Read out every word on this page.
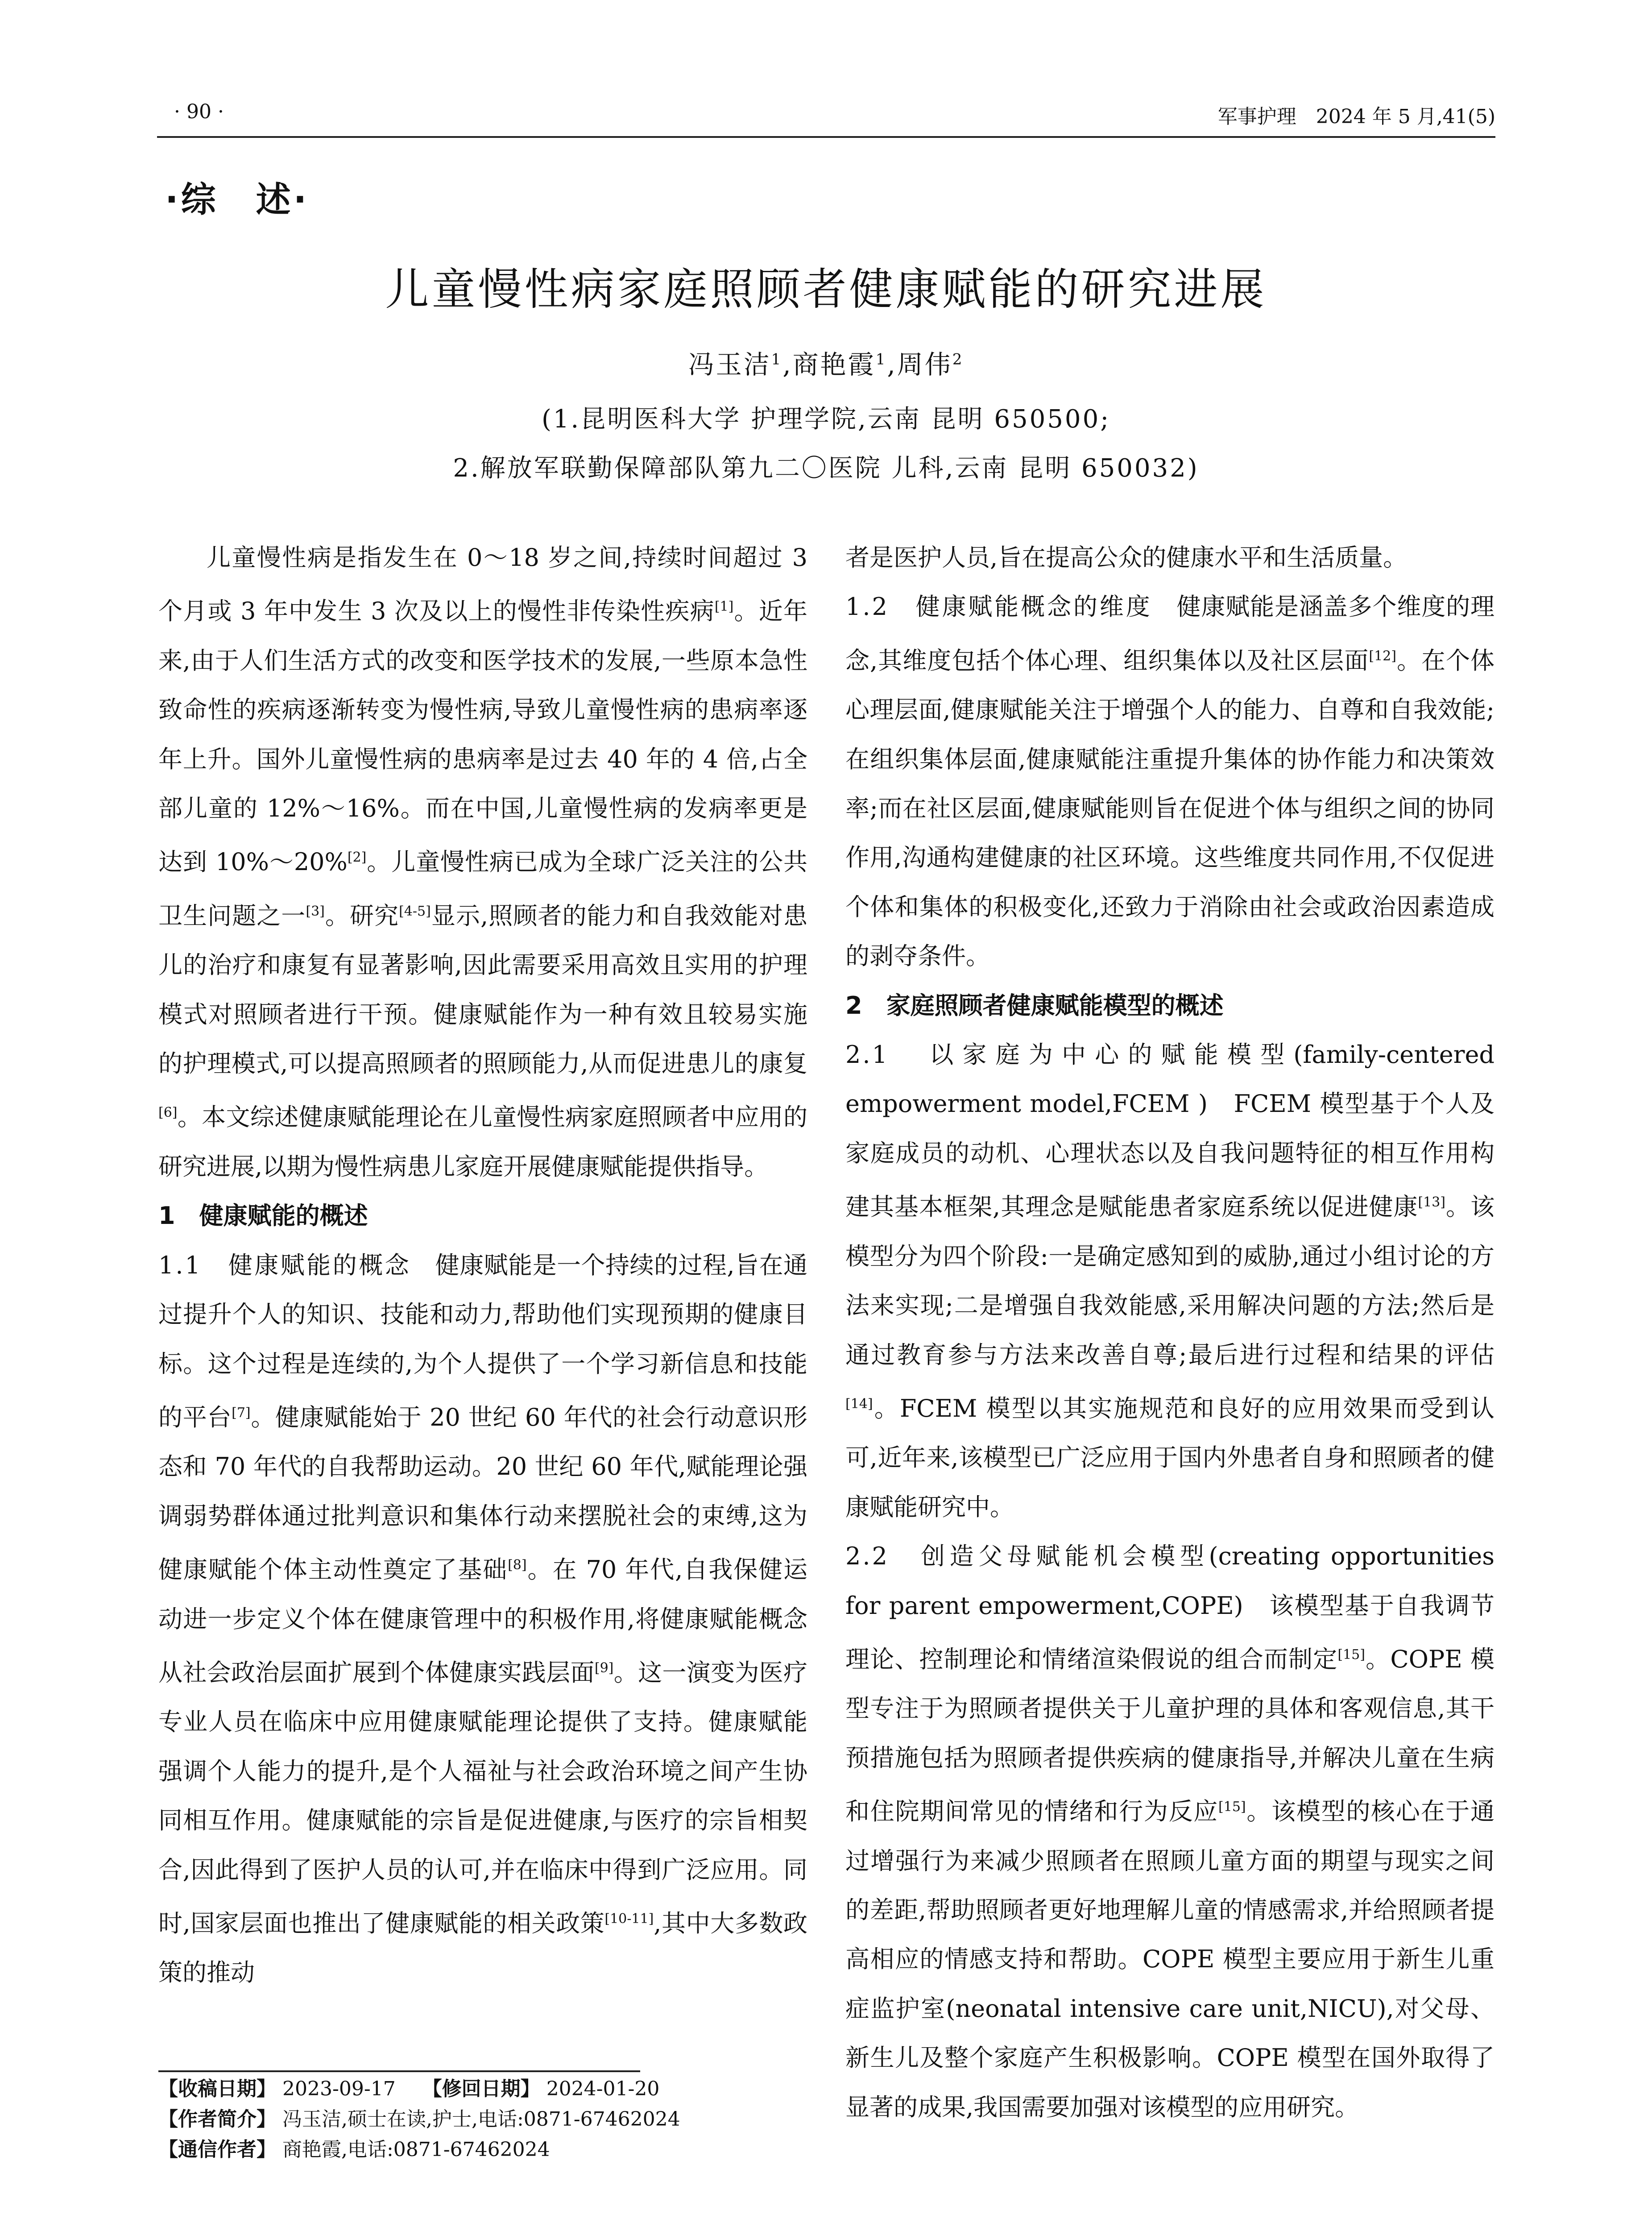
· 90 ·	军事护理　2024 年 5 月,41(5)
·综　述·
儿童慢性病家庭照顾者健康赋能的研究进展
冯玉洁$^1$,商艳霞$^1$,周伟$^2$
(1.昆明医科大学 护理学院,云南 昆明 650500;
2.解放军联勤保障部队第九二〇医院 儿科,云南 昆明 650032)

儿童慢性病是指发生在 0～18 岁之间,持续时间超过 3 个月或 3 年中发生 3 次及以上的慢性非传染性疾病[1]。近年来,由于人们生活方式的改变和医学技术的发展,一些原本急性致命性的疾病逐渐转变为慢性病,导致儿童慢性病的患病率逐年上升。国外儿童慢性病的患病率是过去 40 年的 4 倍,占全部儿童的 12%～16%。而在中国,儿童慢性病的发病率更是达到 10%～20%[2]。儿童慢性病已成为全球广泛关注的公共卫生问题之一[3]。研究[4-5]显示,照顾者的能力和自我效能对患儿的治疗和康复有显著影响,因此需要采用高效且实用的护理模式对照顾者进行干预。健康赋能作为一种有效且较易实施的护理模式,可以提高照顾者的照顾能力,从而促进患儿的康复[6]。本文综述健康赋能理论在儿童慢性病家庭照顾者中应用的研究进展,以期为慢性病患儿家庭开展健康赋能提供指导。

1　健康赋能的概述

1.1　健康赋能的概念　健康赋能是一个持续的过程,旨在通过提升个人的知识、技能和动力,帮助他们实现预期的健康目标。这个过程是连续的,为个人提供了一个学习新信息和技能的平台[7]。健康赋能始于 20 世纪 60 年代的社会行动意识形态和 70 年代的自我帮助运动。20 世纪 60 年代,赋能理论强调弱势群体通过批判意识和集体行动来摆脱社会的束缚,这为健康赋能个体主动性奠定了基础[8]。在 70 年代,自我保健运动进一步定义个体在健康管理中的积极作用,将健康赋能概念从社会政治层面扩展到个体健康实践层面[9]。这一演变为医疗专业人员在临床中应用健康赋能理论提供了支持。健康赋能强调个人能力的提升,是个人福祉与社会政治环境之间产生协同相互作用。健康赋能的宗旨是促进健康,与医疗的宗旨相契合,因此得到了医护人员的认可,并在临床中得到广泛应用。同时,国家层面也推出了健康赋能的相关政策[10-11],其中大多数政策的推动

者是医护人员,旨在提高公众的健康水平和生活质量。

1.2　健康赋能概念的维度　健康赋能是涵盖多个维度的理念,其维度包括个体心理、组织集体以及社区层面[12]。在个体心理层面,健康赋能关注于增强个人的能力、自尊和自我效能;在组织集体层面,健康赋能注重提升集体的协作能力和决策效率;而在社区层面,健康赋能则旨在促进个体与组织之间的协同作用,沟通构建健康的社区环境。这些维度共同作用,不仅促进个体和集体的积极变化,还致力于消除由社会或政治因素造成的剥夺条件。

2　家庭照顾者健康赋能模型的概述

2.1　以家庭为中心的赋能模型(family-centered empowerment model,FCEM )　FCEM 模型基于个人及家庭成员的动机、心理状态以及自我问题特征的相互作用构建其基本框架,其理念是赋能患者家庭系统以促进健康[13]。该模型分为四个阶段:一是确定感知到的威胁,通过小组讨论的方法来实现;二是增强自我效能感,采用解决问题的方法;然后是通过教育参与方法来改善自尊;最后进行过程和结果的评估[14]。FCEM 模型以其实施规范和良好的应用效果而受到认可,近年来,该模型已广泛应用于国内外患者自身和照顾者的健康赋能研究中。

2.2　创造父母赋能机会模型(creating opportunities for parent empowerment,COPE)　该模型基于自我调节理论、控制理论和情绪渲染假说的组合而制定[15]。COPE 模型专注于为照顾者提供关于儿童护理的具体和客观信息,其干预措施包括为照顾者提供疾病的健康指导,并解决儿童在生病和住院期间常见的情绪和行为反应[15]。该模型的核心在于通过增强行为来减少照顾者在照顾儿童方面的期望与现实之间的差距,帮助照顾者更好地理解儿童的情感需求,并给照顾者提高相应的情感支持和帮助。COPE 模型主要应用于新生儿重症监护室(neonatal intensive care unit,NICU),对父母、新生儿及整个家庭产生积极影响。COPE 模型在国外取得了显著的成果,我国需要加强对该模型的应用研究。

【收稿日期】 2023-09-17 【修回日期】 2024-01-20
【作者简介】 冯玉洁,硕士在读,护士,电话:0871-67462024
【通信作者】 商艳霞,电话:0871-67462024
